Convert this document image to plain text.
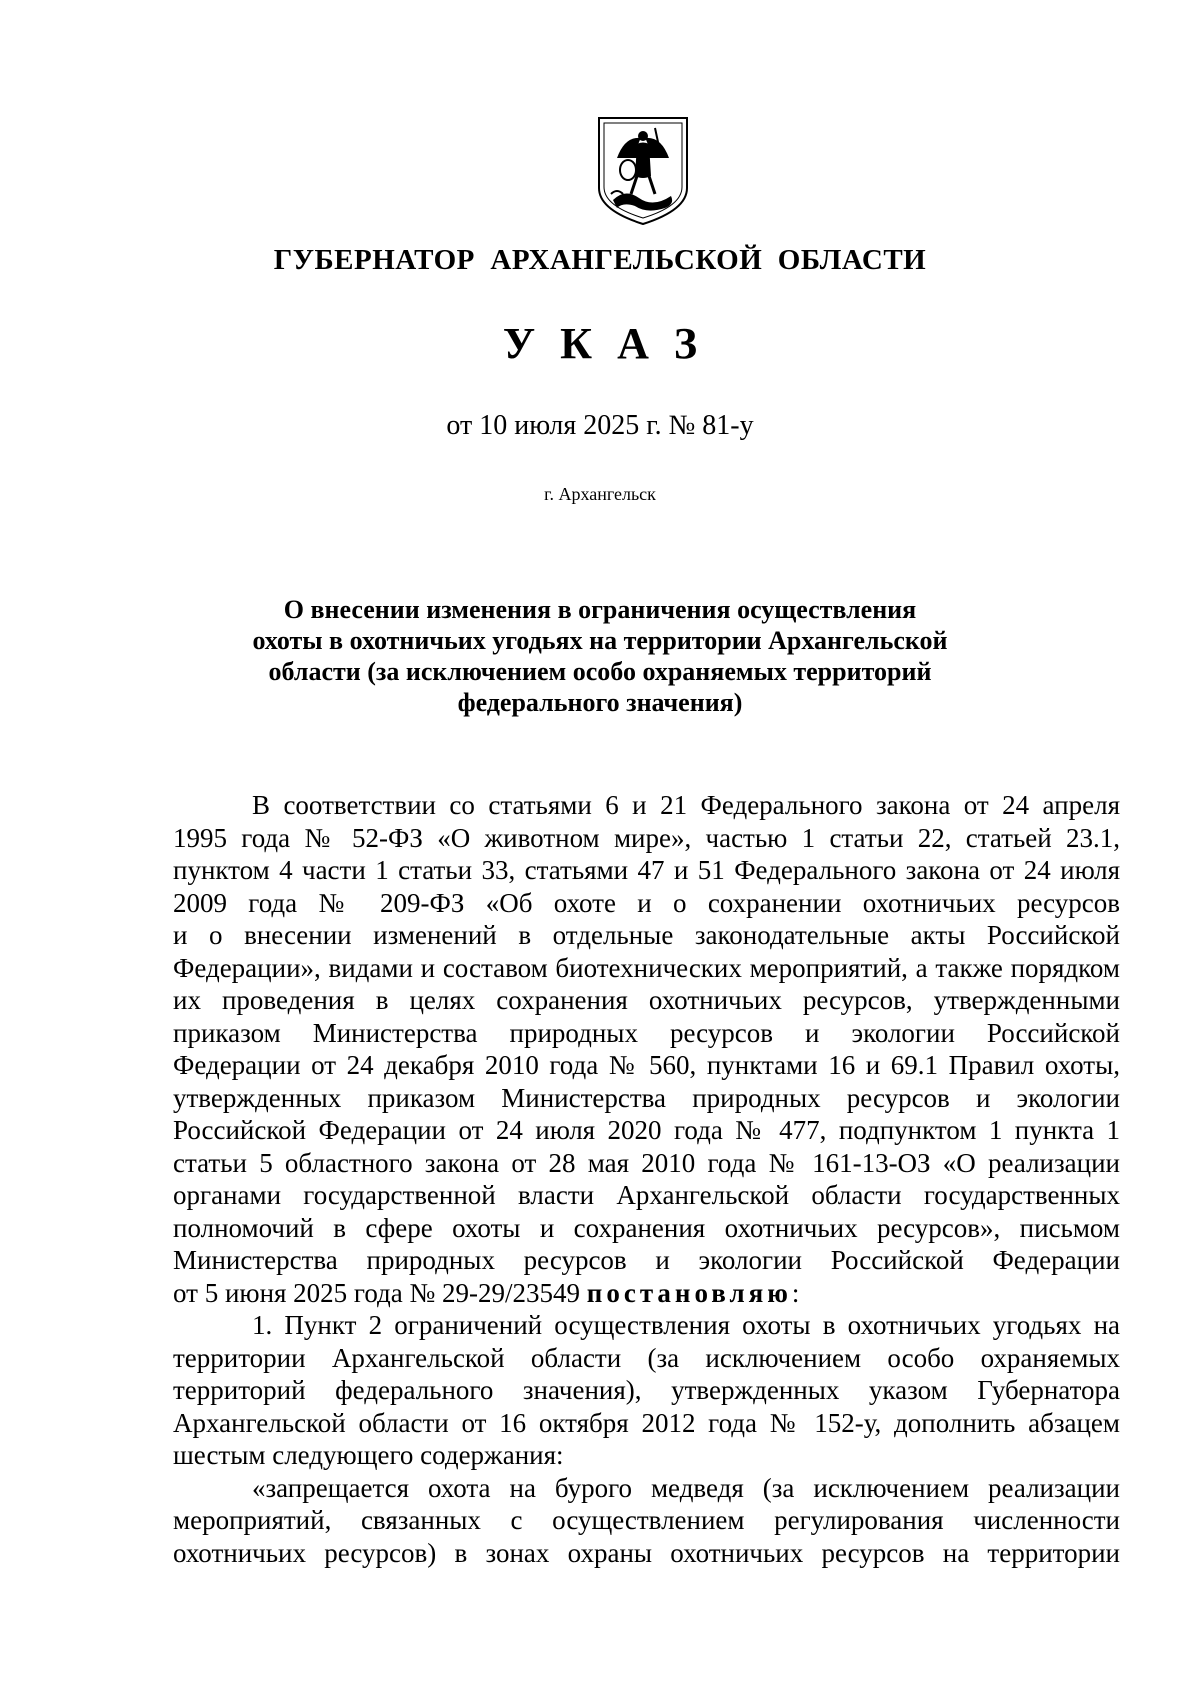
ГУБЕРНАТОР  АРХАНГЕЛЬСКОЙ  ОБЛАСТИ
У К А З
от 10 июля 2025 г. № 81-у
г. Архангельск
О внесении изменения в ограничения осуществления
охоты в охотничьих угодьях на территории Архангельской
области (за исключением особо охраняемых территорий
федерального значения)
В соответствии со статьями 6 и 21 Федерального закона от 24 апреля
1995 года № 52-ФЗ «О животном мире», частью 1 статьи 22, статьей 23.1,
пунктом 4 части 1 статьи 33, статьями 47 и 51 Федерального закона от 24 июля
2009 года № 209-ФЗ «Об охоте и о сохранении охотничьих ресурсов
и о внесении изменений в отдельные законодательные акты Российской
Федерации», видами и составом биотехнических мероприятий, а также порядком
их проведения в целях сохранения охотничьих ресурсов, утвержденными
приказом Министерства природных ресурсов и экологии Российской
Федерации от 24 декабря 2010 года № 560, пунктами 16 и 69.1 Правил охоты,
утвержденных приказом Министерства природных ресурсов и экологии
Российской Федерации от 24 июля 2020 года № 477, подпунктом 1 пункта 1
статьи 5 областного закона от 28 мая 2010 года № 161-13-ОЗ «О реализации
органами государственной власти Архангельской области государственных
полномочий в сфере охоты и сохранения охотничьих ресурсов», письмом
Министерства природных ресурсов и экологии Российской Федерации
от 5 июня 2025 года № 29-29/23549 постановляю:
1. Пункт 2 ограничений осуществления охоты в охотничьих угодьях на
территории Архангельской области (за исключением особо охраняемых
территорий федерального значения), утвержденных указом Губернатора
Архангельской области от 16 октября 2012 года № 152-у, дополнить абзацем
шестым следующего содержания:
«запрещается охота на бурого медведя (за исключением реализации
мероприятий, связанных с осуществлением регулирования численности
охотничьих ресурсов) в зонах охраны охотничьих ресурсов на территории
